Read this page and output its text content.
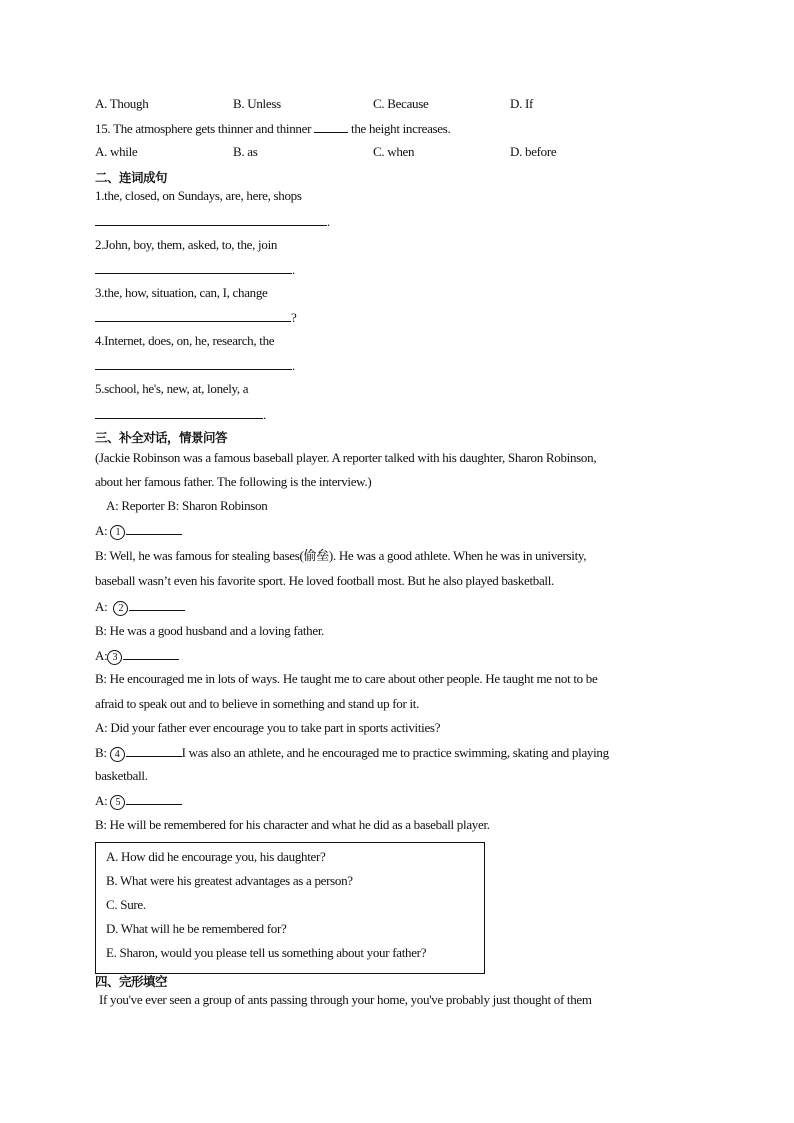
A. Though	B. Unless	C. Because	D. If
15. The atmosphere gets thinner and thinner	the height increases.
A. while	B. as	C. when	D. before
二、连词成句
1.the, closed, on Sundays, are, here, shops
.
2.John, boy, them, asked, to, the, join
.
3.the, how, situation, can, I, change
?
4.Internet, does, on, he, research, the
.
5.school, he's, new, at, lonely, a
.
三、补全对话，情景问答
(Jackie Robinson was a famous baseball player. A reporter talked with his daughter, Sharon Robinson,
about her famous father. The following is the interview.)
A: Reporter B: Sharon Robinson
A: 1
B: Well, he was famous for stealing bases(偷垒). He was a good athlete. When he was in university,
baseball wasn’t even his favorite sport. He loved football most. But he also played basketball.
A: 2
B: He was a good husband and a loving father.
A: 3
B: He encouraged me in lots of ways. He taught me to care about other people. He taught me not to be
afraid to speak out and to believe in something and stand up for it.
A: Did your father ever encourage you to take part in sports activities?
B: 4	I was also an athlete, and he encouraged me to practice swimming, skating and playing
basketball.
A: 5
B: He will be remembered for his character and what he did as a baseball player.
A. How did he encourage you, his daughter?
B. What were his greatest advantages as a person?
C. Sure.
D. What will he be remembered for?
E. Sharon, would you please tell us something about your father?
四、完形填空
If you've ever seen a group of ants passing through your home, you've probably just thought of them
